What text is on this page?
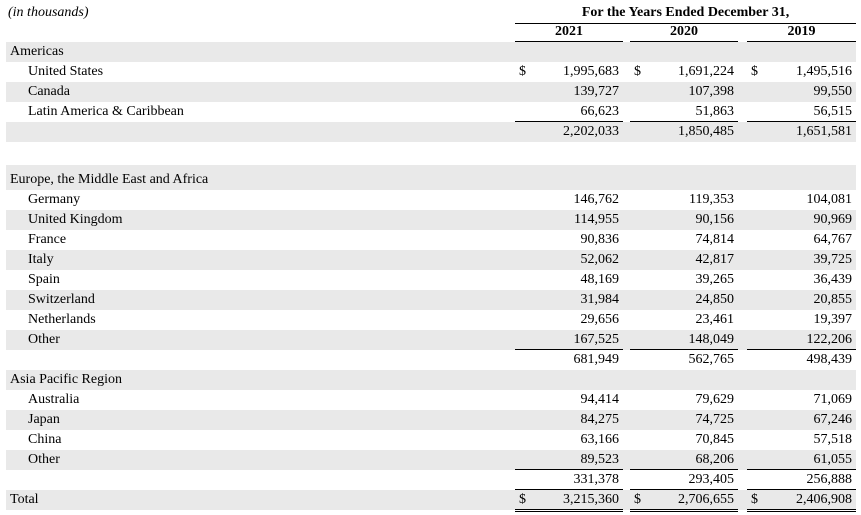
(in thousands)	For the Years Ended December 31,
2021	2020	2019
Americas
United States	$	1,995,683 $	1,691,224 $	1,495,516
Canada	139,727	107,398	99,550
Latin America & Caribbean	66,623	51,863	56,515
2,202,033	1,850,485	1,651,581
Europe, the Middle East and Africa
Germany	146,762	119,353	104,081
United Kingdom	114,955	90,156	90,969
France	90,836	74,814	64,767
Italy	52,062	42,817	39,725
Spain	48,169	39,265	36,439
Switzerland	31,984	24,850	20,855
Netherlands	29,656	23,461	19,397
Other	167,525	148,049	122,206
681,949	562,765	498,439
Asia Pacific Region
Australia	94,414	79,629	71,069
Japan	84,275	74,725	67,246
China	63,166	70,845	57,518
Other	89,523	68,206	61,055
331,378	293,405	256,888
Total	$	3,215,360 $	2,706,655 $	2,406,908
